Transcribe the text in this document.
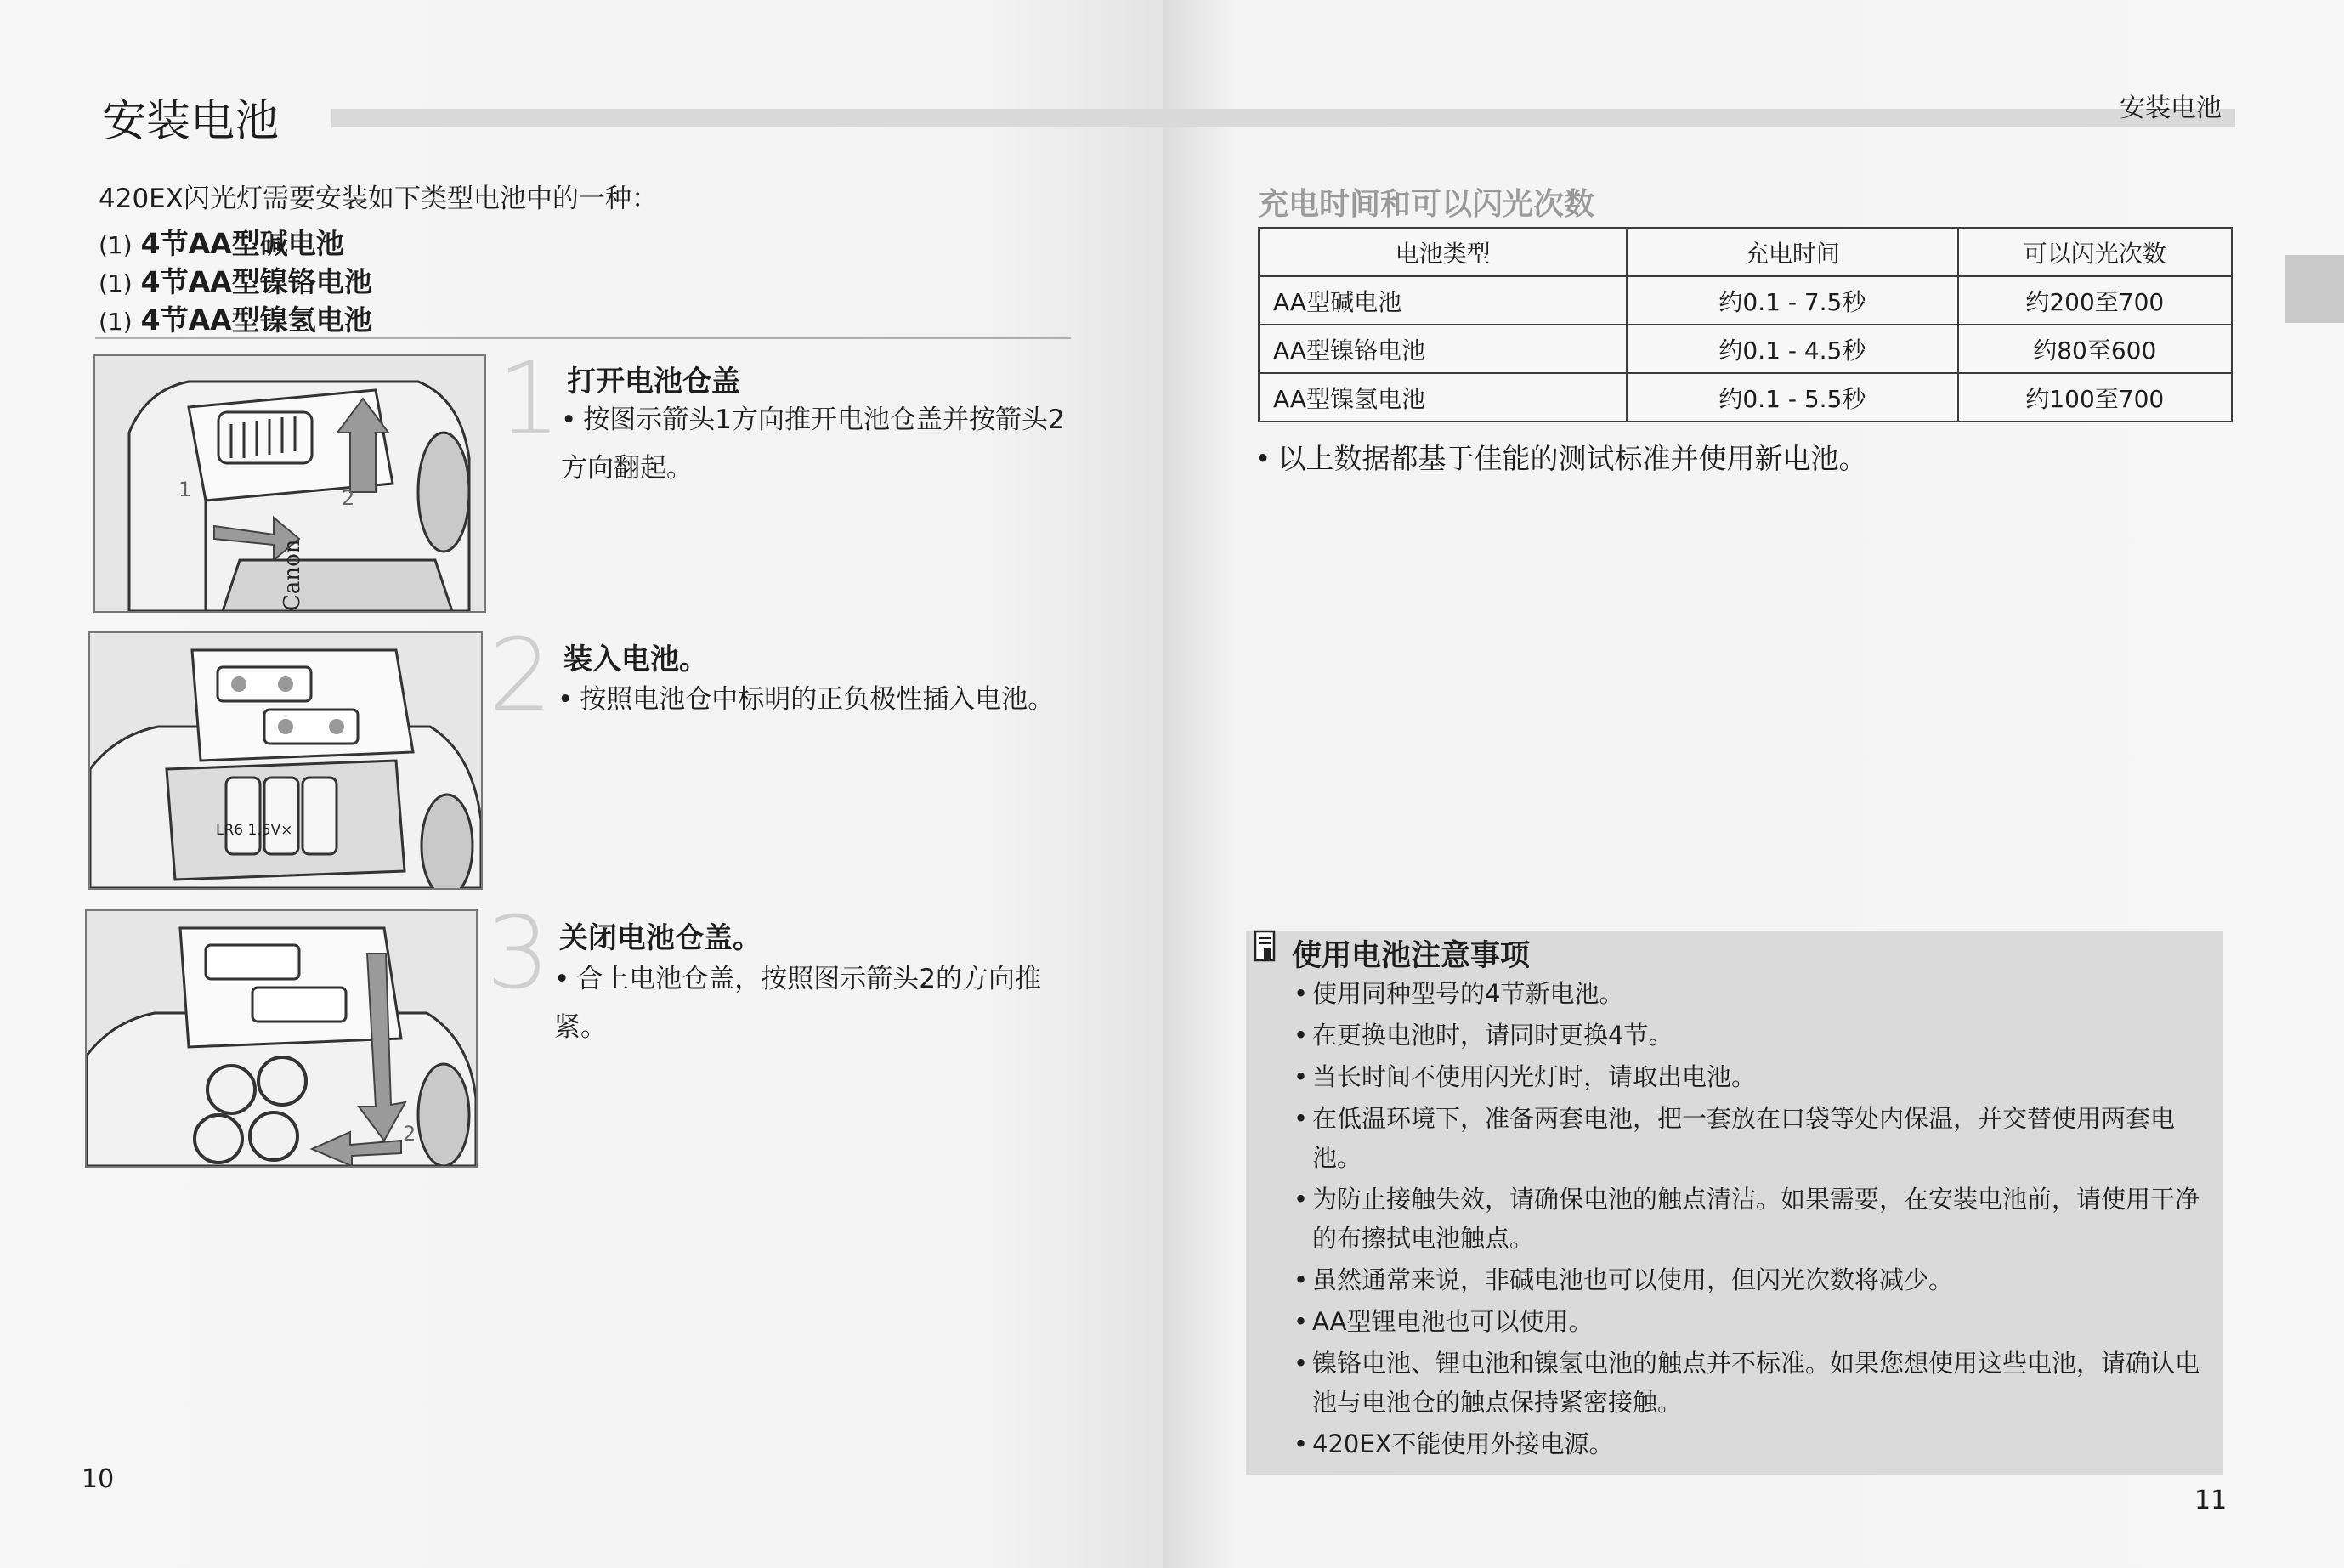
安装电池
420EX闪光灯需要安装如下类型电池中的一种：
(1) 4节AA型碱电池
(1) 4节AA型镍铬电池
(1) 4节AA型镍氢电池
1	2
Canon
1 打开电池仓盖
• 按图示箭头1方向推开电池仓盖并按箭头2方向翻起。
LR6 1.5V×
2 装入电池。
• 按照电池仓中标明的正负极性插入电池。
2
3 关闭电池仓盖。
• 合上电池仓盖，按照图示箭头2的方向推紧。
10
安装电池
充电时间和可以闪光次数
电池类型	充电时间	可以闪光次数
AA型碱电池	约0.1 - 7.5秒	约200至700
AA型镍铬电池	约0.1 - 4.5秒	约80至600
AA型镍氢电池	约0.1 - 5.5秒	约100至700
• 以上数据都基于佳能的测试标准并使用新电池。
使用电池注意事项
• 使用同种型号的4节新电池。
• 在更换电池时，请同时更换4节。
• 当长时间不使用闪光灯时，请取出电池。
• 在低温环境下，准备两套电池，把一套放在口袋等处内保温，并交替使用两套电池。
• 为防止接触失效，请确保电池的触点清洁。如果需要，在安装电池前，请使用干净的布擦拭电池触点。
• 虽然通常来说，非碱电池也可以使用，但闪光次数将减少。
• AA型锂电池也可以使用。
• 镍铬电池、锂电池和镍氢电池的触点并不标准。如果您想使用这些电池，请确认电池与电池仓的触点保持紧密接触。
• 420EX不能使用外接电源。
11
